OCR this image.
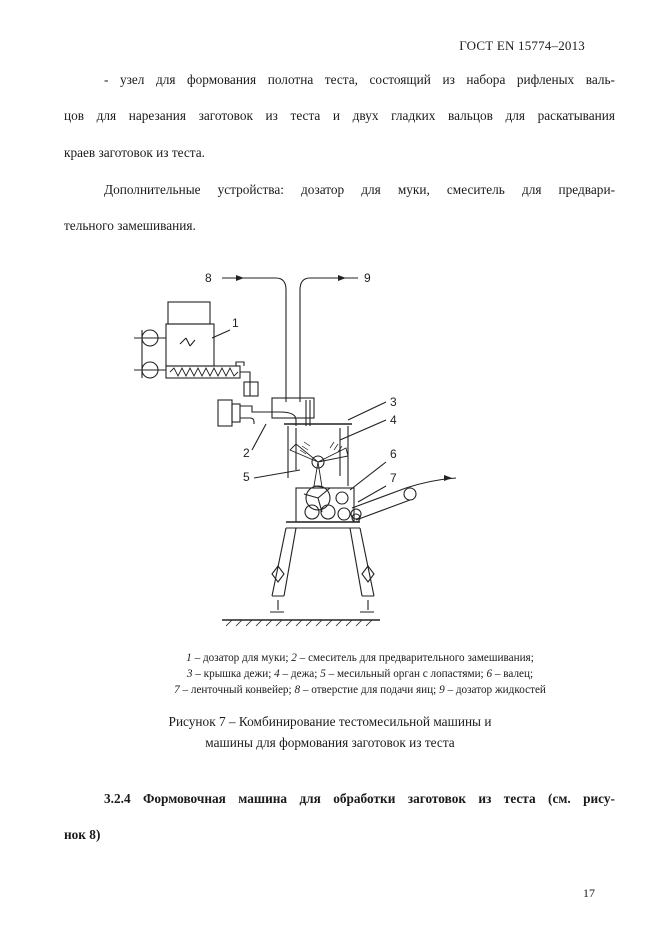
ГОСТ EN 15774–2013
- узел для формования полотна теста, состоящий из набора рифленых валь-
цов для нарезания заготовок из теста и двух гладких вальцов для раскатывания
краев заготовок из теста.
Дополнительные устройства: дозатор для муки, смеситель для предвари-
тельного замешивания.
8	9
1
2
3
4
5
6
7
1 – дозатор для муки; 2 – смеситель для предварительного замешивания;
3 – крышка дежи; 4 – дежа; 5 – месильный орган с лопастями; 6 – валец;
7 – ленточный конвейер; 8 – отверстие для подачи яиц; 9 – дозатор жидкостей
Рисунок 7 – Комбинирование тестомесильной машины и
машины для формования заготовок из теста
3.2.4 Формовочная машина для обработки заготовок из теста (см. рису-
нок 8)
17
